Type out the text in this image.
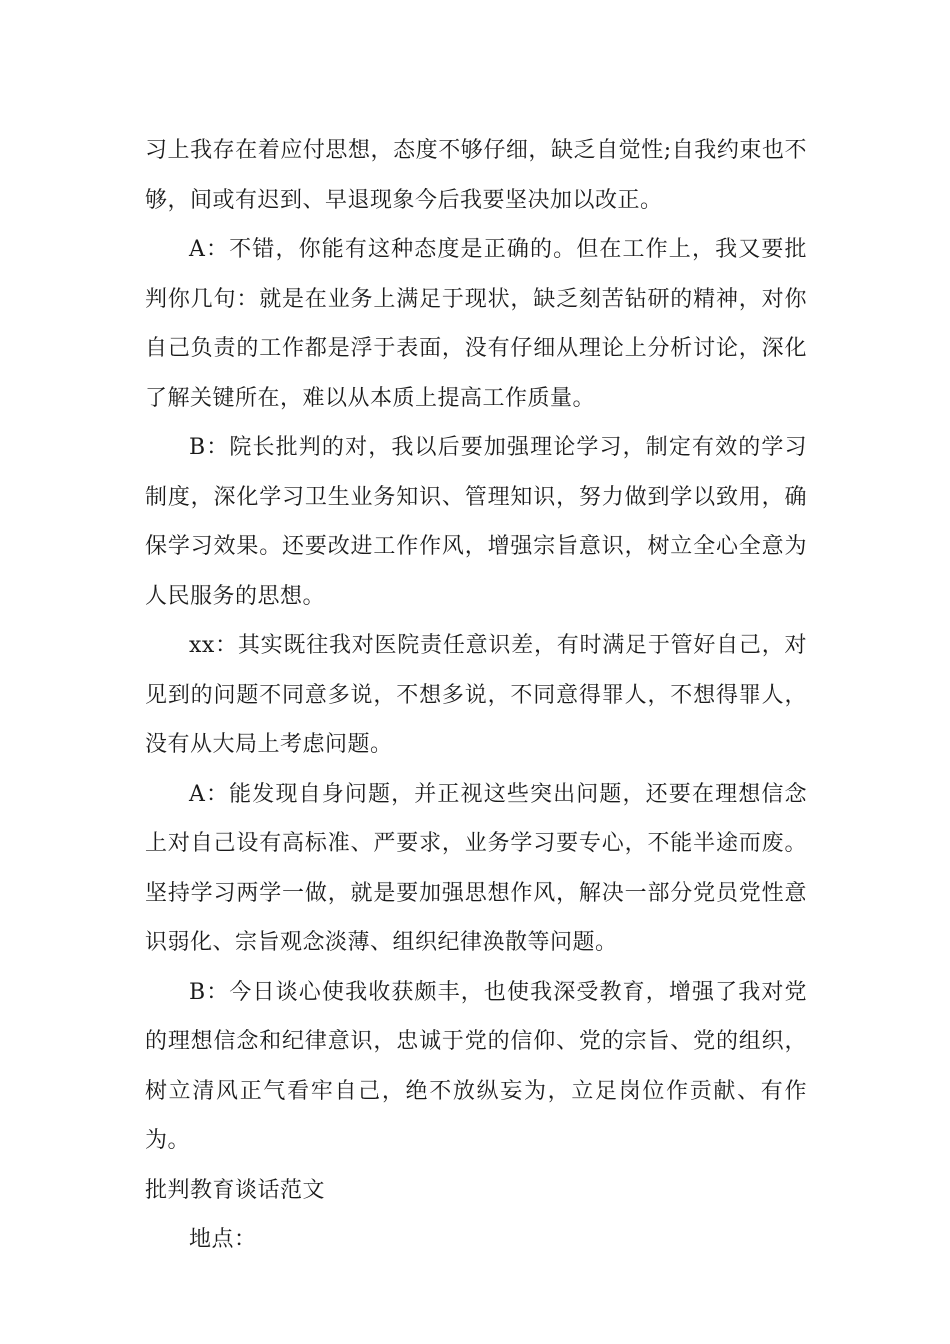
习上我存在着应付思想，态度不够仔细，缺乏自觉性;自我约束也不够，间或有迟到、早退现象今后我要坚决加以改正。

A：不错，你能有这种态度是正确的。但在工作上，我又要批判你几句：就是在业务上满足于现状，缺乏刻苦钻研的精神，对你自己负责的工作都是浮于表面，没有仔细从理论上分析讨论，深化了解关键所在，难以从本质上提高工作质量。

B：院长批判的对，我以后要加强理论学习，制定有效的学习制度，深化学习卫生业务知识、管理知识，努力做到学以致用，确保学习效果。还要改进工作作风，增强宗旨意识，树立全心全意为人民服务的思想。

xx：其实既往我对医院责任意识差，有时满足于管好自己，对见到的问题不同意多说，不想多说，不同意得罪人，不想得罪人，没有从大局上考虑问题。

A：能发现自身问题，并正视这些突出问题，还要在理想信念上对自己设有高标准、严要求，业务学习要专心，不能半途而废。坚持学习两学一做，就是要加强思想作风，解决一部分党员党性意识弱化、宗旨观念淡薄、组织纪律涣散等问题。

B：今日谈心使我收获颇丰，也使我深受教育，增强了我对党的理想信念和纪律意识，忠诚于党的信仰、党的宗旨、党的组织，树立清风正气看牢自己，绝不放纵妄为，立足岗位作贡献、有作为。

批判教育谈话范文

地点：
